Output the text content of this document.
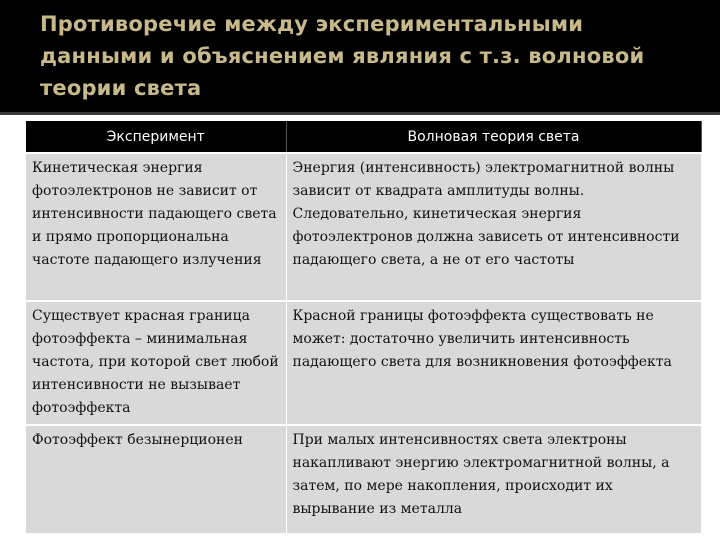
Противоречие между экспериментальными данными и объяснением являния с т.з. волновой теории света
Эксперимент	Волновая теория света
Кинетическая энергия фотоэлектронов не зависит от интенсивности падающего света и прямо пропорциональна частоте падающего излучения	Энергия (интенсивность) электромагнитной волны зависит от квадрата амплитуды волны. Следовательно, кинетическая энергия фотоэлектронов должна зависеть от интенсивности падающего света, а не от его частоты
Существует красная граница фотоэффекта – минимальная частота, при которой свет любой интенсивности не вызывает фотоэффекта	Красной границы фотоэффекта существовать не может: достаточно увеличить интенсивность падающего света для возникновения фотоэффекта
Фотоэффект безынерционен	При малых интенсивностях света электроны накапливают энергию электромагнитной волны, а затем, по мере накопления, происходит их вырывание из металла
